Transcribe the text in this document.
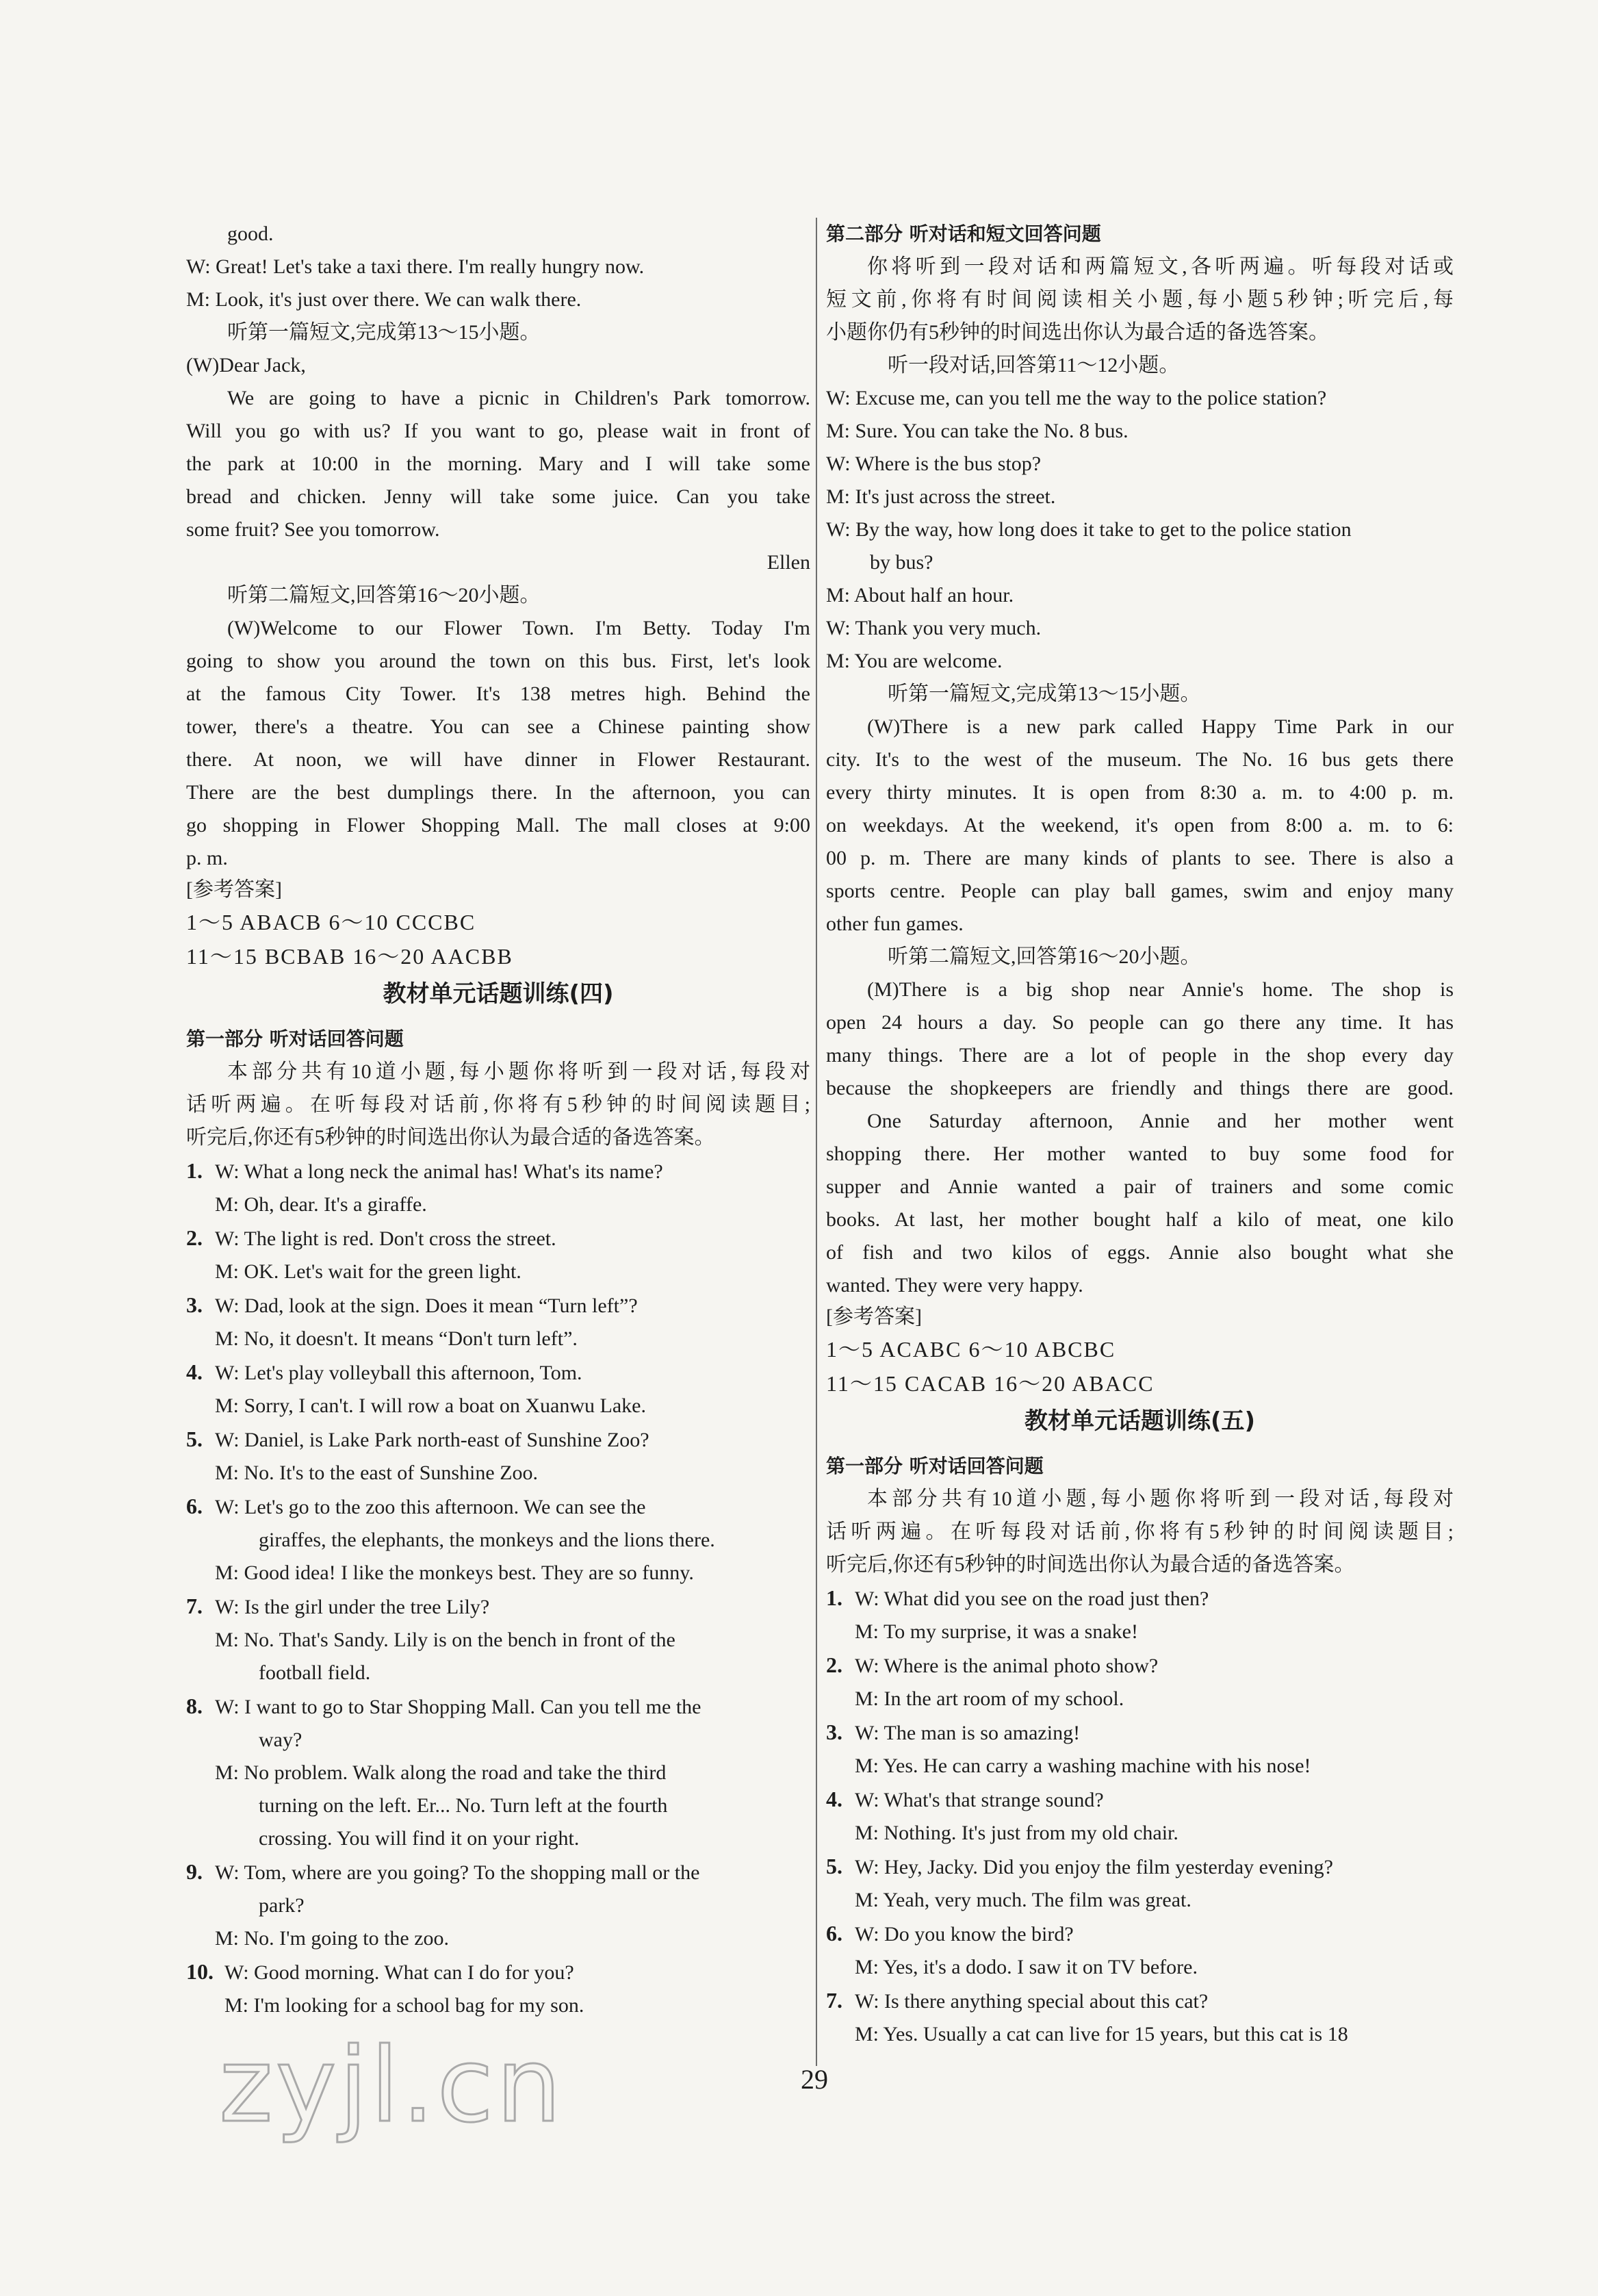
good.
W: Great! Let's take a taxi there. I'm really hungry now.
M: Look, it's just over there. We can walk there.
听第一篇短文,完成第13～15小题。
(W)Dear Jack,
We are going to have a picnic in Children's Park tomorrow.
Will you go with us? If you want to go, please wait in front of
the park at 10:00 in the morning. Mary and I will take some
bread and chicken. Jenny will take some juice. Can you take
some fruit? See you tomorrow.
Ellen
听第二篇短文,回答第16～20小题。
(W)Welcome to our Flower Town. I'm Betty. Today I'm
going to show you around the town on this bus. First, let's look
at the famous City Tower. It's 138 metres high. Behind the
tower, there's a theatre. You can see a Chinese painting show
there. At noon, we will have dinner in Flower Restaurant.
There are the best dumplings there. In the afternoon, you can
go shopping in Flower Shopping Mall. The mall closes at 9:00
p. m.
[参考答案]
1～5 ABACB 6～10 CCCBC
11～15 BCBAB 16～20 AACBB
教材单元话题训练(四)
第一部分 听对话回答问题
本部分共有10道小题,每小题你将听到一段对话,每段对
话听两遍。在听每段对话前,你将有5秒钟的时间阅读题目;
听完后,你还有5秒钟的时间选出你认为最合适的备选答案。
1. W: What a long neck the animal has! What's its name?
M: Oh, dear. It's a giraffe.
2. W: The light is red. Don't cross the street.
M: OK. Let's wait for the green light.
3. W: Dad, look at the sign. Does it mean “Turn left”?
M: No, it doesn't. It means “Don't turn left”.
4. W: Let's play volleyball this afternoon, Tom.
M: Sorry, I can't. I will row a boat on Xuanwu Lake.
5. W: Daniel, is Lake Park north-east of Sunshine Zoo?
M: No. It's to the east of Sunshine Zoo.
6. W: Let's go to the zoo this afternoon. We can see the
giraffes, the elephants, the monkeys and the lions there.
M: Good idea! I like the monkeys best. They are so funny.
7. W: Is the girl under the tree Lily?
M: No. That's Sandy. Lily is on the bench in front of the
football field.
8. W: I want to go to Star Shopping Mall. Can you tell me the
way?
M: No problem. Walk along the road and take the third
turning on the left. Er... No. Turn left at the fourth
crossing. You will find it on your right.
9. W: Tom, where are you going? To the shopping mall or the
park?
M: No. I'm going to the zoo.
10. W: Good morning. What can I do for you?
M: I'm looking for a school bag for my son.
第二部分 听对话和短文回答问题
你将听到一段对话和两篇短文,各听两遍。听每段对话或
短文前,你将有时间阅读相关小题,每小题5秒钟;听完后,每
小题你仍有5秒钟的时间选出你认为最合适的备选答案。
听一段对话,回答第11～12小题。
W: Excuse me, can you tell me the way to the police station?
M: Sure. You can take the No. 8 bus.
W: Where is the bus stop?
M: It's just across the street.
W: By the way, how long does it take to get to the police station
by bus?
M: About half an hour.
W: Thank you very much.
M: You are welcome.
听第一篇短文,完成第13～15小题。
(W)There is a new park called Happy Time Park in our
city. It's to the west of the museum. The No. 16 bus gets there
every thirty minutes. It is open from 8:30 a. m. to 4:00 p. m.
on weekdays. At the weekend, it's open from 8:00 a. m. to 6:
00 p. m. There are many kinds of plants to see. There is also a
sports centre. People can play ball games, swim and enjoy many
other fun games.
听第二篇短文,回答第16～20小题。
(M)There is a big shop near Annie's home. The shop is
open 24 hours a day. So people can go there any time. It has
many things. There are a lot of people in the shop every day
because the shopkeepers are friendly and things there are good.
One Saturday afternoon, Annie and her mother went
shopping there. Her mother wanted to buy some food for
supper and Annie wanted a pair of trainers and some comic
books. At last, her mother bought half a kilo of meat, one kilo
of fish and two kilos of eggs. Annie also bought what she
wanted. They were very happy.
[参考答案]
1～5 ACABC 6～10 ABCBC
11～15 CACAB 16～20 ABACC
教材单元话题训练(五)
第一部分 听对话回答问题
本部分共有10道小题,每小题你将听到一段对话,每段对
话听两遍。在听每段对话前,你将有5秒钟的时间阅读题目;
听完后,你还有5秒钟的时间选出你认为最合适的备选答案。
1. W: What did you see on the road just then?
M: To my surprise, it was a snake!
2. W: Where is the animal photo show?
M: In the art room of my school.
3. W: The man is so amazing!
M: Yes. He can carry a washing machine with his nose!
4. W: What's that strange sound?
M: Nothing. It's just from my old chair.
5. W: Hey, Jacky. Did you enjoy the film yesterday evening?
M: Yeah, very much. The film was great.
6. W: Do you know the bird?
M: Yes, it's a dodo. I saw it on TV before.
7. W: Is there anything special about this cat?
M: Yes. Usually a cat can live for 15 years, but this cat is 18
29
zyjl.cn
